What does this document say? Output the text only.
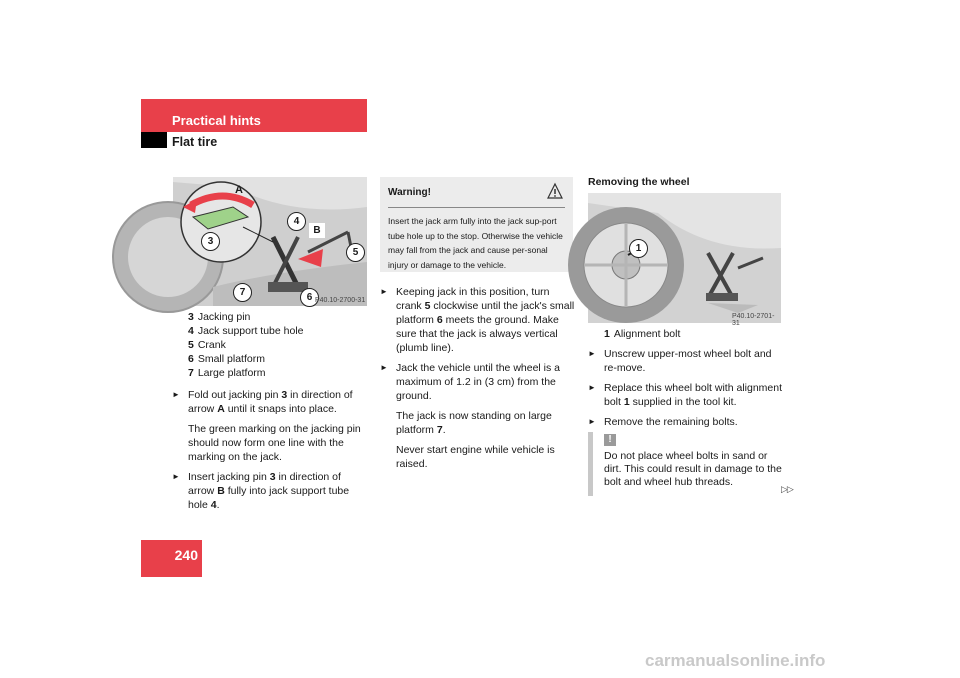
Practical hints
Flat tire
A
4
B
3
5
7	6 P40.10-2700-31
3 Jacking pin
4 Jack support tube hole
5 Crank
6 Small platform
7 Large platform
► Fold out jacking pin 3 in direction of arrow A until it snaps into place.
The green marking on the jacking pin should now form one line with the marking on the jack.
► Insert jacking pin 3 in direction of arrow B fully into jack support tube hole 4.
Warning!
Insert the jack arm fully into the jack sup-port tube hole up to the stop. Otherwise the vehicle may fall from the jack and cause per-sonal injury or damage to the vehicle.
► Keeping jack in this position, turn crank 5 clockwise until the jack's small platform 6 meets the ground. Make sure that the jack is always vertical (plumb line).
► Jack the vehicle until the wheel is a maximum of 1.2 in (3 cm) from the ground.
The jack is now standing on large platform 7.
Never start engine while vehicle is raised.
Removing the wheel
1
P40.10-2701-31
1 Alignment bolt
► Unscrew upper-most wheel bolt and re-move.
► Replace this wheel bolt with alignment bolt 1 supplied in the tool kit.
► Remove the remaining bolts.
!
Do not place wheel bolts in sand or dirt. This could result in damage to the bolt and wheel hub threads.
▷▷
240
carmanualsonline.info
